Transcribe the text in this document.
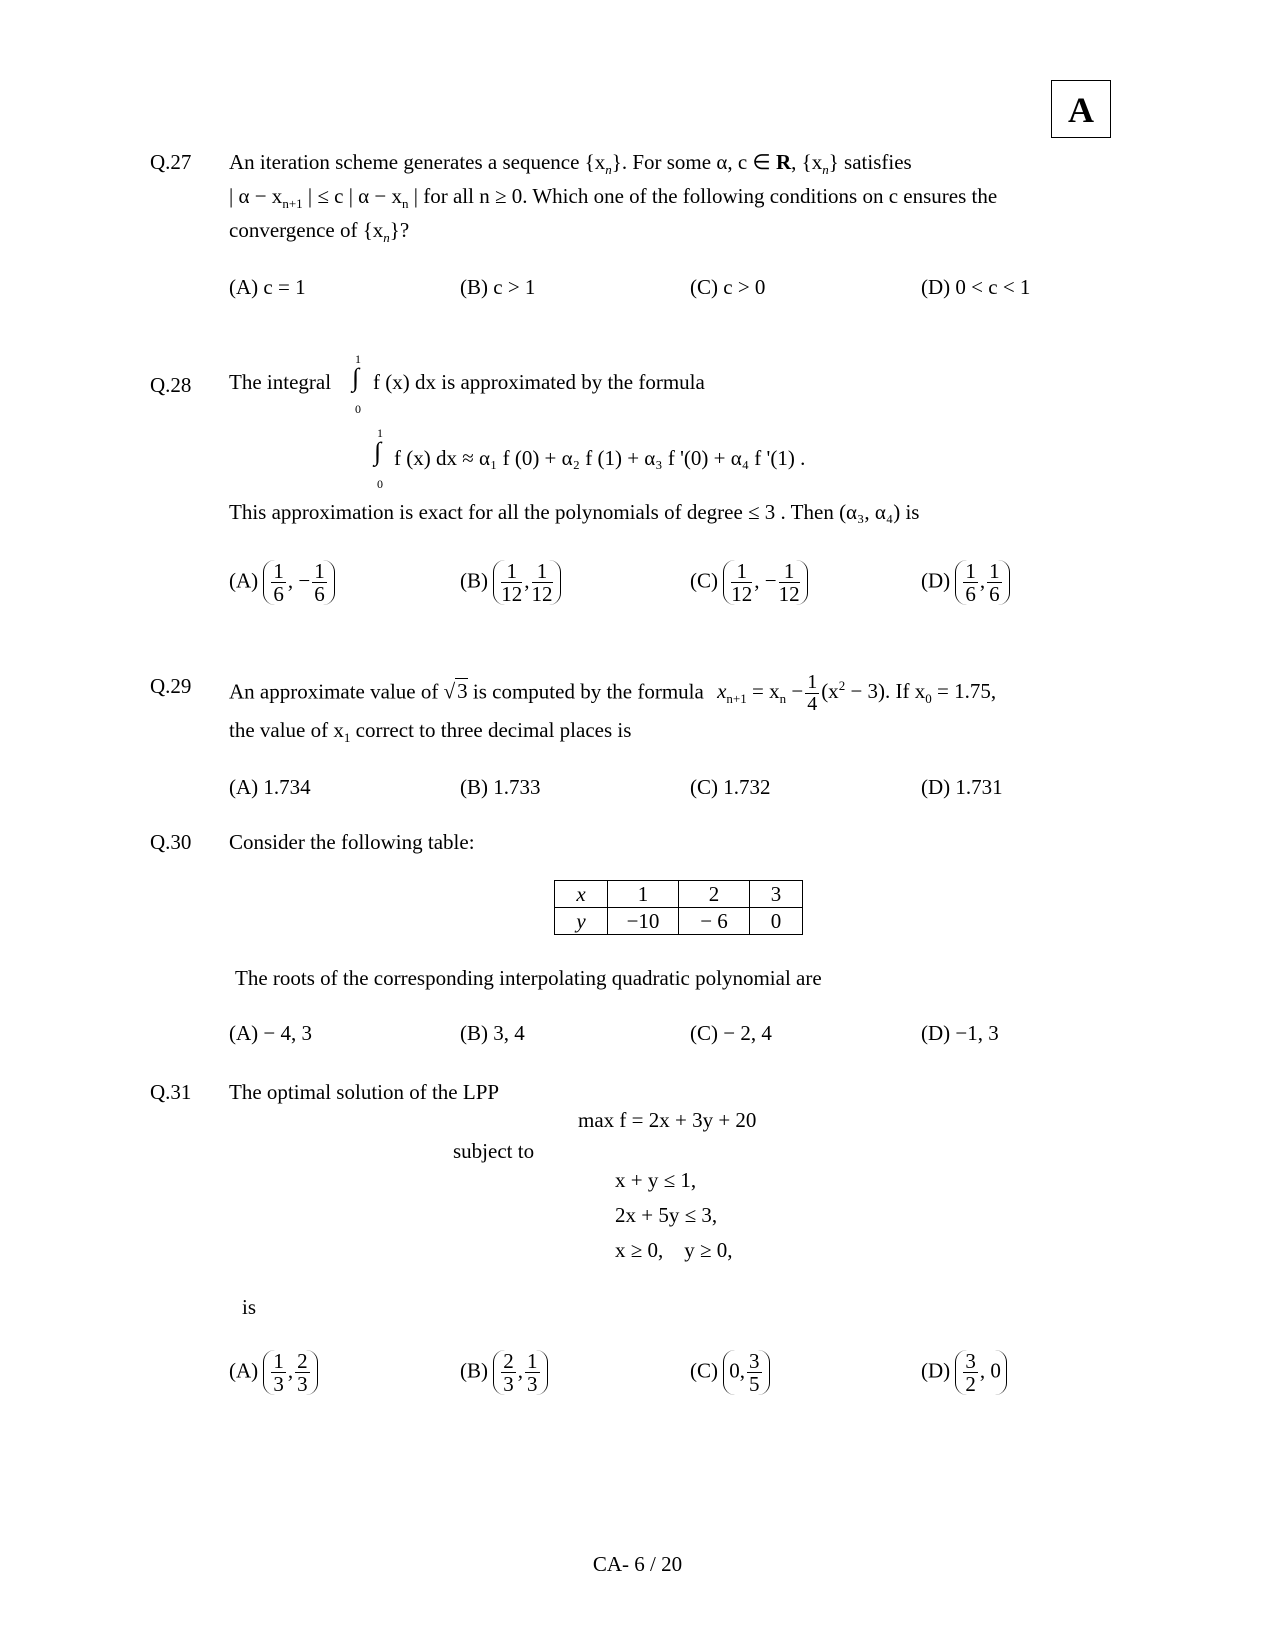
A
Q.27 An iteration scheme generates a sequence $\{x_n\}$. For some α, c ∈ R, $\{x_n\}$ satisfies
| $\alpha - x_{n+1}$ | ≤ c | $\alpha - x_n$ | for all n ≥ 0. Which one of the following conditions on c ensures the
convergence of $\{x_n\}$?
(A) c = 1	(B) c > 1	(C) c > 0	(D) 0 < c < 1
Q.28 The integral
1
∫
0
f (x) dx is approximated by the formula
1
∫
0
f (x) dx ≈ α₁ f (0) + α₂ f (1) + α₃ f '(0) + α₄ f '(1) .
This approximation is exact for all the polynomials of degree ≤ 3 . Then (α₃, α₄) is
$(A) \frac{1}{6}$ , − $\frac{1}{6}$	$(B) \frac{1}{12}$ , $\frac{1}{12}$	$(C) \frac{1}{12}$ , − $\frac{1}{12}$	$(D) \frac{1}{6}$ , $\frac{1}{6}$
Q.29 An approximate value of √3 is computed by the formula $x_{n+1} = x_n - \frac{1}{4} (x^2 - 3)$. If $x_0 = 1.75$,
the value of $x_1$ correct to three decimal places is
(A) 1.734	(B) 1.733	(C) 1.732	(D) 1.731
Q.30 Consider the following table:
x	1	2	3
y	−10	− 6	0
The roots of the corresponding interpolating quadratic polynomial are
(A) − 4, 3	(B) 3, 4	(C) − 2, 4	(D) −1, 3
Q.31 The optimal solution of the LPP
max f = 2x + 3y + 20
subject to
x + y ≤ 1,
2x + 5y ≤ 3,
x ≥ 0,    y ≥ 0,
is
$(A) \frac{1}{3}$ , $\frac{2}{3}$	$(B) \frac{2}{3}$ , $\frac{1}{3}$	(C) 0, $\frac{3}{5}$	$(D) \frac{3}{2}$ , 0
CA- 6 / 20
